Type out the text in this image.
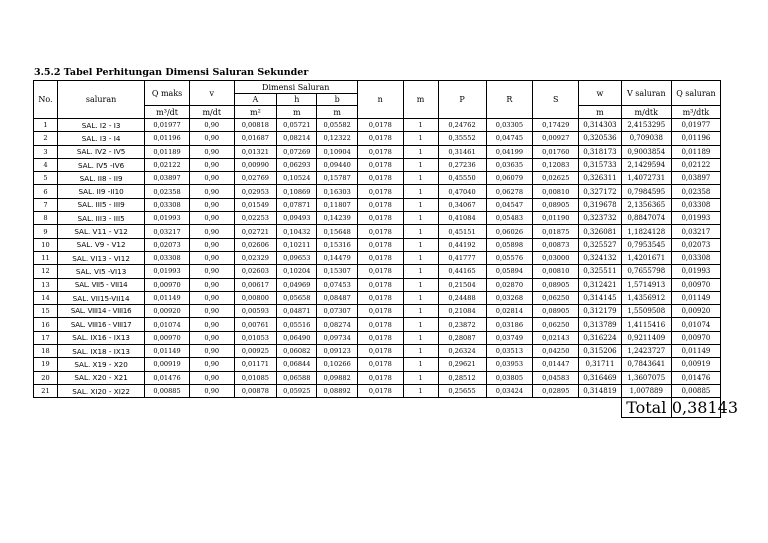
3.5.2 Tabel Perhitungan Dimensi Saluran Sekunder
No.	saluran	Q maks	v	Dimensi Saluran			n	m	P	R	S	w	V saluran	Q saluran
				A	h	b								
		m³/dt	m/dt	m²	m	m						m	m/dtk	m³/dtk
1	SAL. I2 - I3	0,01977	0,90	0,00818	0,05721	0,05582	0,0178	1	0,24762	0,03305	0,17429	0,314303	2,4153295	0,01977
2	SAL. I3 - I4	0,01196	0,90	0,01687	0,08214	0,12322	0,0178	1	0,35552	0,04745	0,00927	0,320536	0,709038	0,01196
3	SAL. IV2 - IV5	0,01189	0,90	0,01321	0,07269	0,10904	0,0178	1	0,31461	0,04199	0,01760	0,318173	0,9003854	0,01189
4	SAL. IV5 -IV6	0,02122	0,90	0,00990	0,06293	0,09440	0,0178	1	0,27236	0,03635	0,12083	0,315733	2,1429594	0,02122
5	SAL. II8 - II9	0,03897	0,90	0,02769	0,10524	0,15787	0,0178	1	0,45550	0,06079	0,02625	0,326311	1,4072731	0,03897
6	SAL. II9 -II10	0,02358	0,90	0,02953	0,10869	0,16303	0,0178	1	0,47040	0,06278	0,00810	0,327172	0,7984595	0,02358
7	SAL. III5 - III9	0,03308	0,90	0,01549	0,07871	0,11807	0,0178	1	0,34067	0,04547	0,08905	0,319678	2,1356365	0,03308
8	SAL. III3 - III5	0,01993	0,90	0,02253	0,09493	0,14239	0,0178	1	0,41084	0,05483	0,01190	0,323732	0,8847074	0,01993
9	SAL. V11 - V12	0,03217	0,90	0,02721	0,10432	0,15648	0,0178	1	0,45151	0,06026	0,01875	0,326081	1,1824128	0,03217
10	SAL. V9 - V12	0,02073	0,90	0,02606	0,10211	0,15316	0,0178	1	0,44192	0,05898	0,00873	0,325527	0,7953545	0,02073
11	SAL. VI13 - VI12	0,03308	0,90	0,02329	0,09653	0,14479	0,0178	1	0,41777	0,05576	0,03000	0,324132	1,4201671	0,03308
12	SAL. VI5 -VI13	0,01993	0,90	0,02603	0,10204	0,15307	0,0178	1	0,44165	0,05894	0,00810	0,325511	0,7655798	0,01993
13	SAL. VII5 - VII14	0,00970	0,90	0,00617	0,04969	0,07453	0,0178	1	0,21504	0,02870	0,08905	0,312421	1,5714913	0,00970
14	SAL. VII15-VII14	0,01149	0,90	0,00800	0,05658	0,08487	0,0178	1	0,24488	0,03268	0,06250	0,314145	1,4356912	0,01149
15	SAL. VIII14 - VIII16	0,00920	0,90	0,00593	0,04871	0,07307	0,0178	1	0,21084	0,02814	0,08905	0,312179	1,5509508	0,00920
16	SAL. VIII16 - VIII17	0,01074	0,90	0,00761	0,05516	0,08274	0,0178	1	0,23872	0,03186	0,06250	0,313789	1,4115416	0,01074
17	SAL. IX16 - IX13	0,00970	0,90	0,01053	0,06490	0,09734	0,0178	1	0,28087	0,03749	0,02143	0,316224	0,9211409	0,00970
18	SAL. IX18 - IX13	0,01149	0,90	0,00925	0,06082	0,09123	0,0178	1	0,26324	0,03513	0,04250	0,315206	1,2423727	0,01149
19	SAL. X19 - X20	0,00919	0,90	0,01171	0,06844	0,10266	0,0178	1	0,29621	0,03953	0,01447	0,31711	0,7843641	0,00919
20	SAL. X20 - X21	0,01476	0,90	0,01085	0,06588	0,09882	0,0178	1	0,28512	0,03805	0,04583	0,316469	1,3607075	0,01476
21	SAL. XI20 - XI22	0,00885	0,90	0,00878	0,05925	0,08892	0,0178	1	0,25655	0,03424	0,02895	0,314819	1,007889	0,00885
													Total	0,38143
